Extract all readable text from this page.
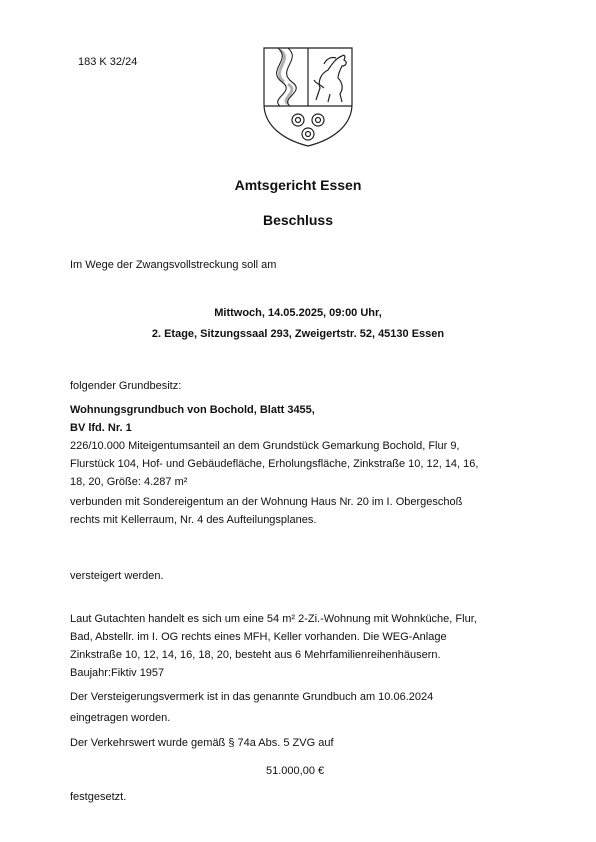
183 K 32/24
Amtsgericht Essen
Beschluss
Im Wege der Zwangsvollstreckung soll am
Mittwoch, 14.05.2025, 09:00 Uhr,
2. Etage, Sitzungssaal 293, Zweigertstr. 52, 45130 Essen
folgender Grundbesitz:
Wohnungsgrundbuch von Bochold, Blatt 3455,
BV lfd. Nr. 1
226/10.000 Miteigentumsanteil an dem Grundstück Gemarkung Bochold, Flur 9,
Flurstück 104, Hof- und Gebäudefläche, Erholungsfläche, Zinkstraße 10, 12, 14, 16,
18, 20, Größe: 4.287 m²
verbunden mit Sondereigentum an der Wohnung Haus Nr. 20 im I. Obergeschoß
rechts mit Kellerraum, Nr. 4 des Aufteilungsplanes.
versteigert werden.
Laut Gutachten handelt es sich um eine 54 m² 2-Zi.-Wohnung mit Wohnküche, Flur,
Bad, Abstellr. im I. OG rechts eines MFH, Keller vorhanden. Die WEG-Anlage
Zinkstraße 10, 12, 14, 16, 18, 20, besteht aus 6 Mehrfamilienreihenhäusern.
Baujahr:Fiktiv 1957
Der Versteigerungsvermerk ist in das genannte Grundbuch am 10.06.2024
eingetragen worden.
Der Verkehrswert wurde gemäß § 74a Abs. 5 ZVG auf
51.000,00 €
festgesetzt.
